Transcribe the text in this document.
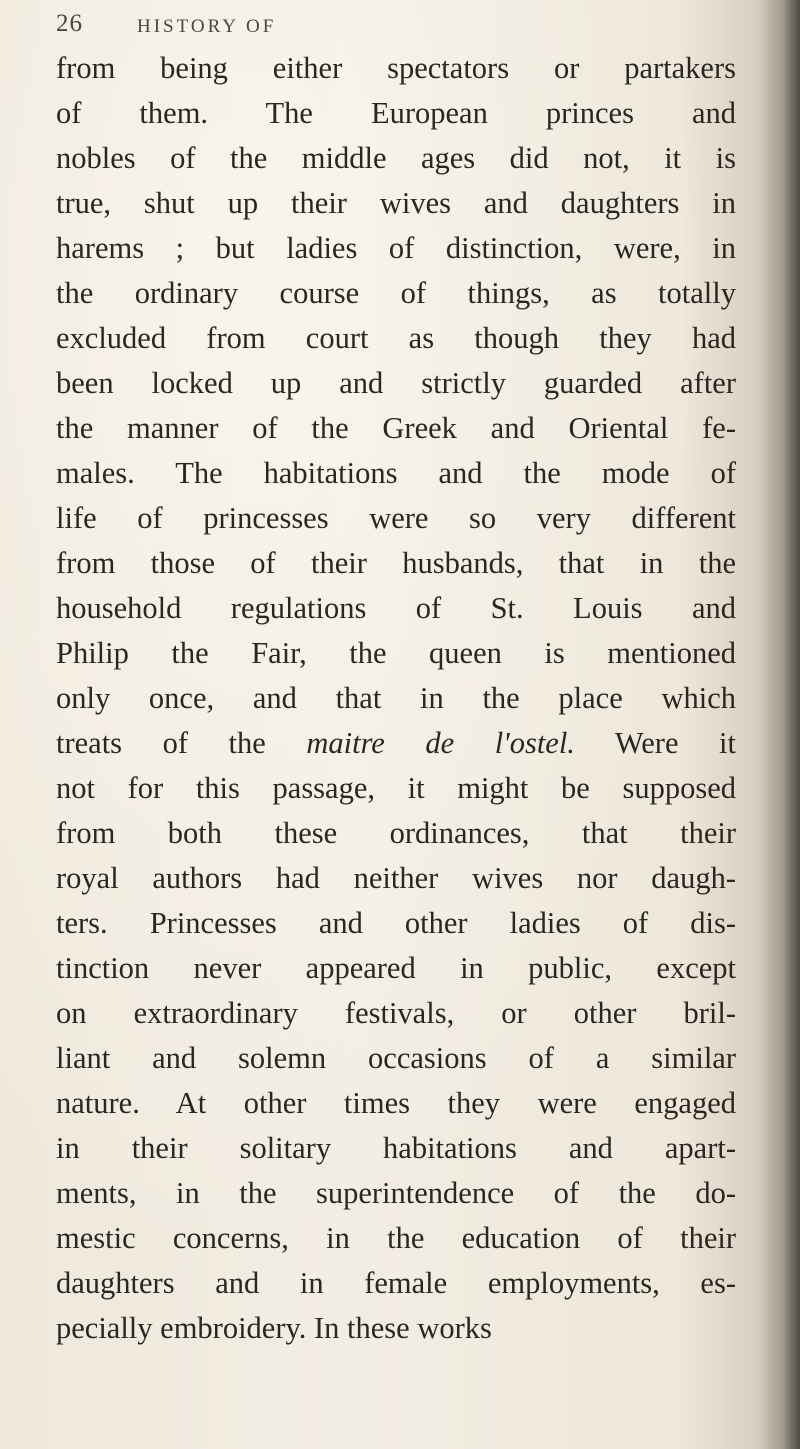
26	HISTORY OF
from being either spectators or partakers
of them. The European princes and
nobles of the middle ages did not, it is
true, shut up their wives and daughters in
harems ; but ladies of distinction, were, in
the ordinary course of things, as totally
excluded from court as though they had
been locked up and strictly guarded after
the manner of the Greek and Oriental fe-
males. The habitations and the mode of
life of princesses were so very different
from those of their husbands, that in the
household regulations of St. Louis and
Philip the Fair, the queen is mentioned
only once, and that in the place which
treats of the maitre de l'ostel. Were it
not for this passage, it might be supposed
from both these ordinances, that their
royal authors had neither wives nor daugh-
ters. Princesses and other ladies of dis-
tinction never appeared in public, except
on extraordinary festivals, or other bril-
liant and solemn occasions of a similar
nature. At other times they were engaged
in their solitary habitations and apart-
ments, in the superintendence of the do-
mestic concerns, in the education of their
daughters and in female employments, es-
pecially embroidery. In these works
